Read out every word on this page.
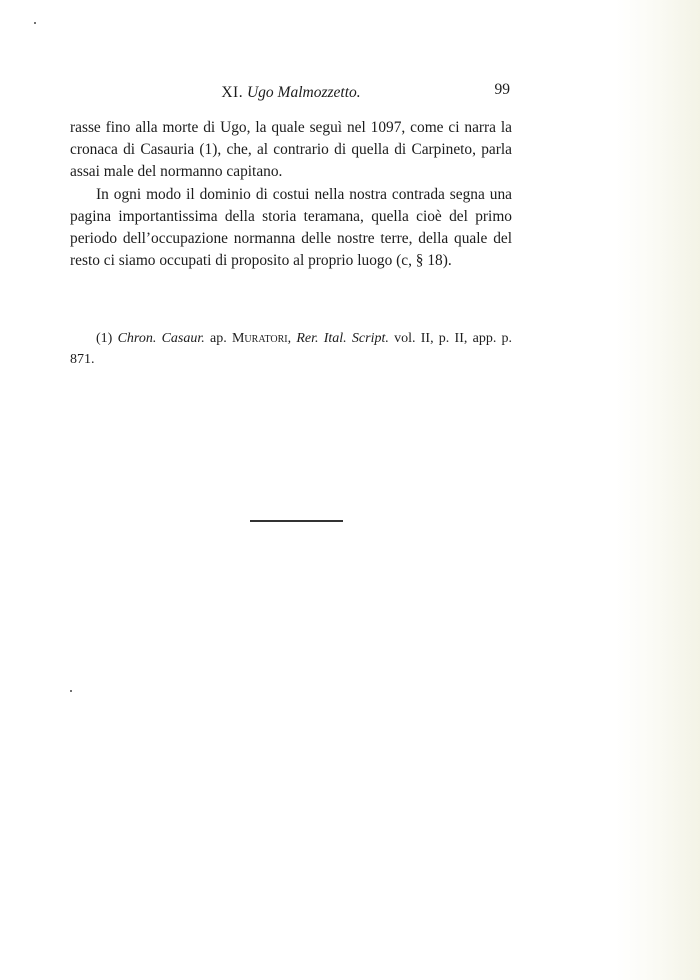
XI. Ugo Malmozzetto.	99

rasse fino alla morte di Ugo, la quale seguì nel 1097, come ci narra la cronaca di Casauria (1), che, al contrario di quella di Carpineto, parla assai male del normanno capitano.

In ogni modo il dominio di costui nella nostra contrada segna una pagina importantissima della storia teramana, quella cioè del primo periodo dell’occupazione normanna delle nostre terre, della quale del resto ci siamo occupati di proposito al proprio luogo (c, § 18).

(1) Chron. Casaur. ap. Muratori, Rer. Ital. Script. vol. II, p. II, app. p. 871.
